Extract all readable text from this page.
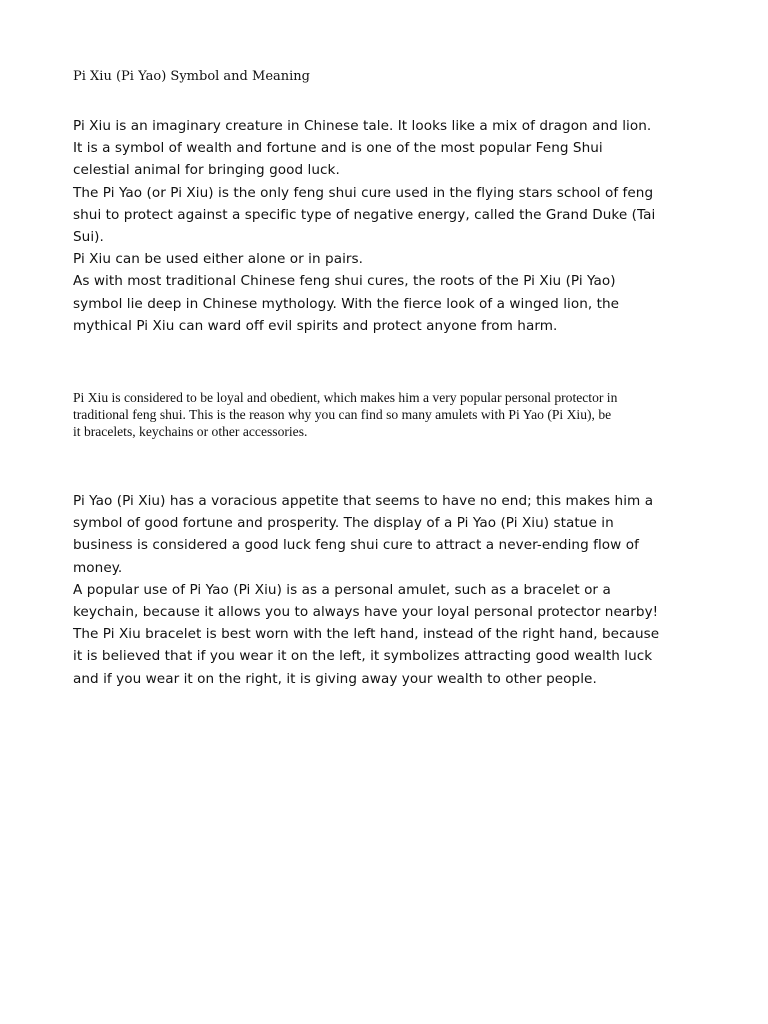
Pi Xiu (Pi Yao) Symbol and Meaning
Pi Xiu is an imaginary creature in Chinese tale. It looks like a mix of dragon and lion.
It is a symbol of wealth and fortune and is one of the most popular Feng Shui
celestial animal for bringing good luck.
The Pi Yao (or Pi Xiu) is the only feng shui cure used in the flying stars school of feng
shui to protect against a specific type of negative energy, called the Grand Duke (Tai
Sui).
Pi Xiu can be used either alone or in pairs.
As with most traditional Chinese feng shui cures, the roots of the Pi Xiu (Pi Yao)
symbol lie deep in Chinese mythology. With the fierce look of a winged lion, the
mythical Pi Xiu can ward off evil spirits and protect anyone from harm.
Pi Xiu is considered to be loyal and obedient, which makes him a very popular personal protector in
traditional feng shui. This is the reason why you can find so many amulets with Pi Yao (Pi Xiu), be
it bracelets, keychains or other accessories.
Pi Yao (Pi Xiu) has a voracious appetite that seems to have no end; this makes him a
symbol of good fortune and prosperity. The display of a Pi Yao (Pi Xiu) statue in
business is considered a good luck feng shui cure to attract a never-ending flow of
money.
A popular use of Pi Yao (Pi Xiu) is as a personal amulet, such as a bracelet or a
keychain, because it allows you to always have your loyal personal protector nearby!
The Pi Xiu bracelet is best worn with the left hand, instead of the right hand, because
it is believed that if you wear it on the left, it symbolizes attracting good wealth luck
and if you wear it on the right, it is giving away your wealth to other people.
